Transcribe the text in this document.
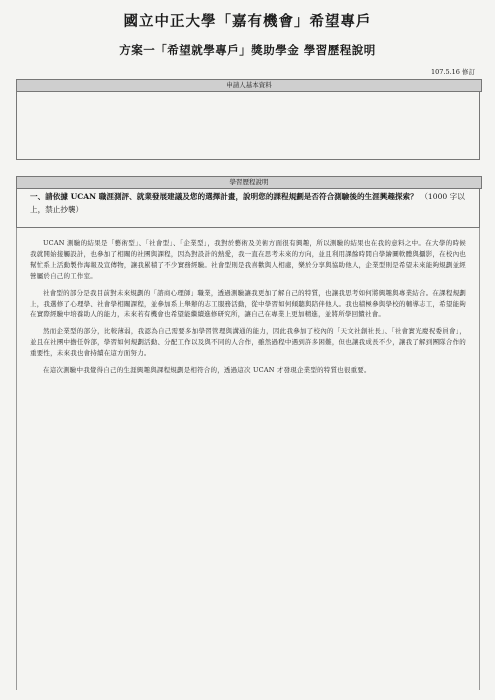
國立中正大學「嘉有機會」希望專戶
方案一「希望就學專戶」獎助學金 學習歷程說明
107.5.16 修訂
申請人基本資料
學習歷程說明
一、請依據 UCAN 職涯測評、就業發展建議及您的選擇計畫，說明您的課程規劃是否符合測驗後的生涯興趣探索？ （1000 字以上，禁止抄襲）

UCAN 測驗的結果是「藝術型」、「社會型」、「企業型」，我對於藝術及美術方面很有興趣，所以測驗的結果也在我的意料之中。在大學的時候我就開始接觸設計，也參加了相關的社團與課程，因為對設計的熱愛，我一直在思考未來的方向，並且利用課餘時間自學繪圖軟體與攝影，在校內也幫忙系上活動製作海報及宣傳物，讓我累積了不少實務經驗。社會型則是我喜歡與人相處，樂於分享與協助他人，企業型則是希望未來能夠規劃並經營屬於自己的工作室。

社會型的部分是我目前對未來規劃的「諮商心理師」職業，透過測驗讓我更加了解自己的特質，也讓我思考如何將興趣與專業結合。在課程規劃上，我選修了心理學、社會學相關課程，並參加系上舉辦的志工服務活動，從中學習如何傾聽與陪伴他人。我也積極參與學校的輔導志工，希望能夠在實際經驗中培養助人的能力，未來若有機會也希望能繼續進修研究所，讓自己在專業上更加精進，並將所學回饋社會。

然而企業型的部分，比較薄弱，我認為自己需要多加學習管理與溝通的能力，因此我參加了校內的「天文社創社長」、「社會實光慶祝委員會」，並且在社團中擔任幹部，學習如何規劃活動、分配工作以及與不同的人合作，雖然過程中遇到許多困難，但也讓我成長不少，讓我了解到團隊合作的重要性，未來我也會持續在這方面努力。

在這次測驗中我覺得自己的生涯興趣與課程規劃是相符合的，透過這次 UCAN 才發現企業型的特質也很重要。
